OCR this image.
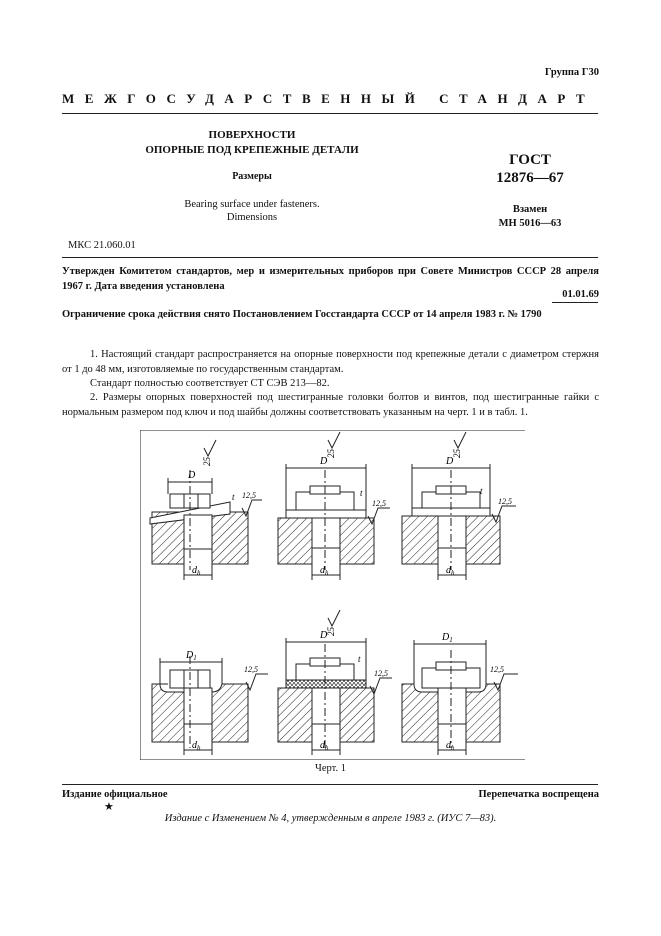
Группа Г30
МЕЖГОСУДАРСТВЕННЫЙ СТАНДАРТ
ПОВЕРХНОСТИ
ОПОРНЫЕ ПОД КРЕПЕЖНЫЕ ДЕТАЛИ
Размеры
Bearing surface under fasteners.
Dimensions
ГОСТ
12876—67
Взамен
МН 5016—63
МКС 21.060.01
Утвержден Комитетом стандартов, мер и измерительных приборов при Совете Министров СССР 28 апреля 1967 г. Дата введения установлена
01.01.69
Ограничение срока действия снято Постановлением Госстандарта СССР от 14 апреля 1983 г. № 1790
1. Настоящий стандарт распространяется на опорные поверхности под крепежные детали с диаметром стержня от 1 до 48 мм, изготовляемые по государственным стандартам.
Стандарт полностью соответствует СТ СЭВ 213—82.
2. Размеры опорных поверхностей под шестигранные головки болтов и винтов, под шестигранные гайки с нормальным размером под ключ и под шайбы должны соответствовать указанным на черт. 1 и в табл. 1.
D
$d_h$
25
12,5
t
D
$d_h$
25
12,5
t
D
$d_h$
25
12,5
t
$D_1$
$d_h$
12,5
D
$d_h$
25
12,5
t
$D_1$
$d_h$
12,5
Черт. 1
Издание официальное	Перепечатка воспрещена
★
Издание с Изменением № 4, утвержденным в апреле 1983 г. (ИУС 7—83).
